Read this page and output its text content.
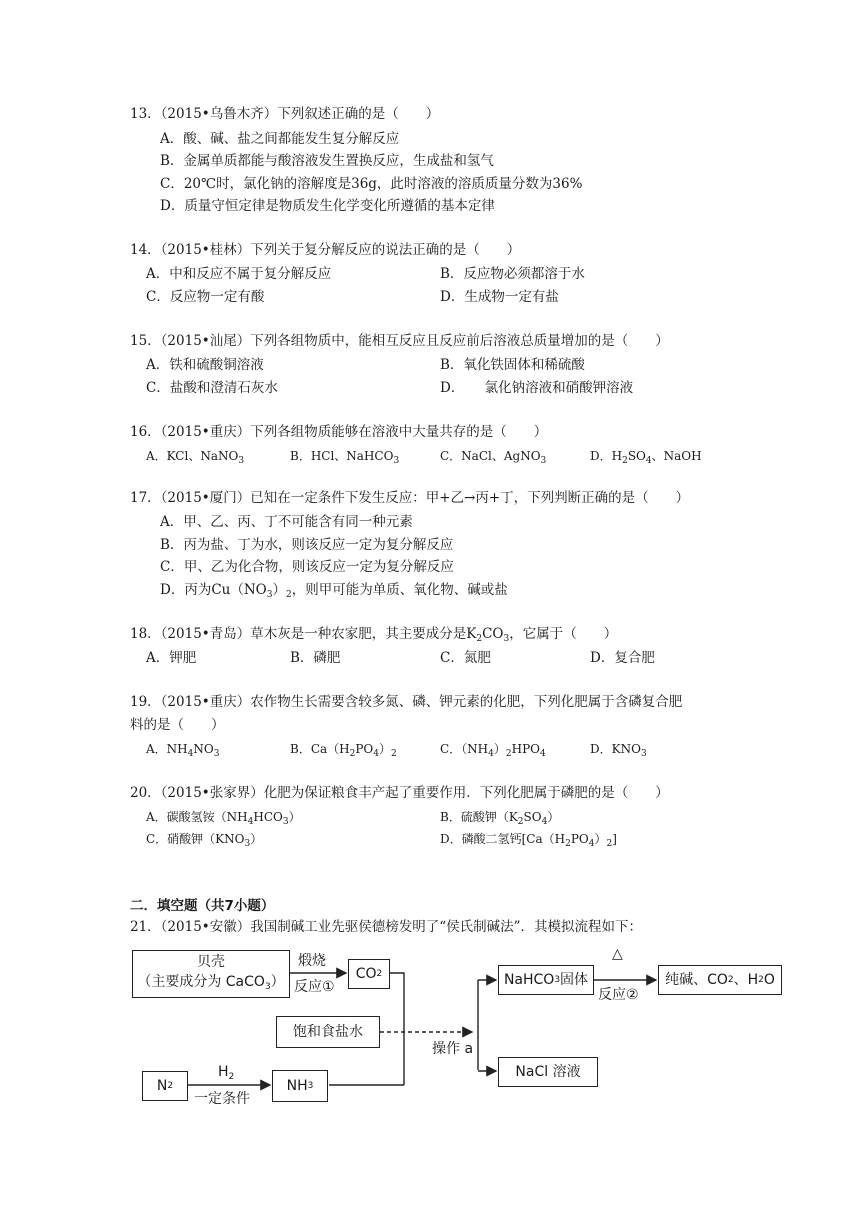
13．（2015•乌鲁木齐）下列叙述正确的是（　　）
A．酸、碱、盐之间都能发生复分解反应
B．金属单质都能与酸溶液发生置换反应，生成盐和氢气
C．20℃时，氯化钠的溶解度是36g，此时溶液的溶质质量分数为36%
D．质量守恒定律是物质发生化学变化所遵循的基本定律
14．（2015•桂林）下列关于复分解反应的说法正确的是（　　）
A．中和反应不属于复分解反应	B．反应物必须都溶于水
C．反应物一定有酸	D．生成物一定有盐
15．（2015•汕尾）下列各组物质中，能相互反应且反应前后溶液总质量增加的是（　　）
A．铁和硫酸铜溶液	B．氧化铁固体和稀硫酸
C．盐酸和澄清石灰水	D．　　氯化钠溶液和硝酸钾溶液
16．（2015•重庆）下列各组物质能够在溶液中大量共存的是（　　）
A．KCl、NaNO$_3$	B．HCl、NaHCO$_3$	C．NaCl、AgNO$_3$	D．$H_2SO_4$、NaOH
17．（2015•厦门）已知在一定条件下发生反应：甲+乙→丙+丁，下列判断正确的是（　　）
A．甲、乙、丙、丁不可能含有同一种元素
B．丙为盐、丁为水，则该反应一定为复分解反应
C．甲、乙为化合物，则该反应一定为复分解反应
D．丙为$Cu(NO_3)_2$，则甲可能为单质、氧化物、碱或盐
18．（2015•青岛）草木灰是一种农家肥，其主要成分是$K_2CO_3$，它属于（　　）
A．钾肥	B．磷肥	C．氮肥	D．复合肥
19．（2015•重庆）农作物生长需要含较多氮、磷、钾元素的化肥，下列化肥属于含磷复合肥
料的是（　　）
A．$NH_4NO_3$	B．$Ca(H_2PO_4)_2$	C．$(NH_4)_2HPO_4$	D．$KNO_3$
20．（2015•张家界）化肥为保证粮食丰产起了重要作用．下列化肥属于磷肥的是（　　）
A．碳酸氢铵$(NH_4HCO_3)$	B．硫酸钾$(K_2SO_4)$
C．硝酸钾$(KNO_3)$	D．磷酸二氢钙$[Ca(H_2PO_4)_2]$
二．填空题（共7小题）
21．（2015•安徽）我国制碱工业先驱侯德榜发明了“侯氏制碱法”．其模拟流程如下：
贝壳
（主要成分为 CaCO$_3$）
煅烧
反应①
CO 2
饱和食盐水
N 2
$H_2$
一定条件
NH 3
操作 a
NaHCO 3 固体
△
反应②
纯碱、CO 2 、H 2 O
NaCl 溶液
